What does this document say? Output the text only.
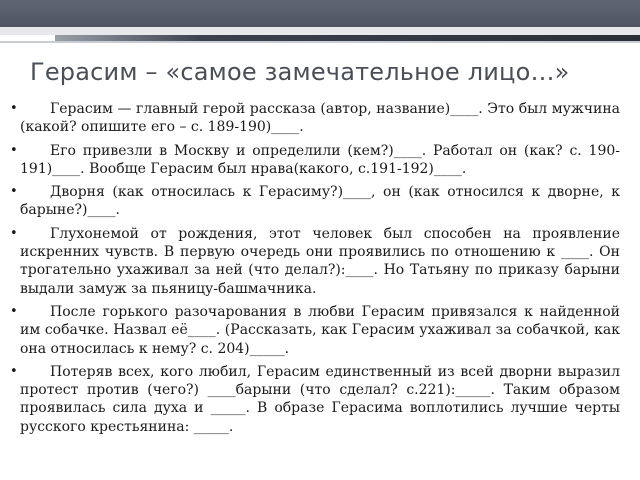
Герасим – «самое замечательное лицо…»
•	Герасим — главный герой рассказа (автор, название)____. Это был мужчина (какой? опишите его – с. 189-190)____.
•	Его привезли в Москву и определили (кем?)____. Работал он (как? с. 190-191)____. Вообще Герасим был нрава(какого, с.191-192)____.
•	Дворня (как относилась к Герасиму?)____, он (как относился к дворне, к барыне?)____.
•	Глухонемой от рождения, этот человек был способен на проявление искренних чувств. В первую очередь они проявились по отношению к ____. Он трогательно ухаживал за ней (что делал?):____. Но Татьяну по приказу барыни выдали замуж за пьяницу-башмачника.
•	После горького разочарования в любви Герасим привязался к найденной им собачке. Назвал её____. (Рассказать, как Герасим ухаживал за собачкой, как она относилась к нему? с. 204)_____.
•	Потеряв всех, кого любил, Герасим единственный из всей дворни выразил протест против (чего?) ____барыни (что сделал? с.221):_____. Таким образом проявилась сила духа и _____. В образе Герасима воплотились лучшие черты русского крестьянина: _____.
